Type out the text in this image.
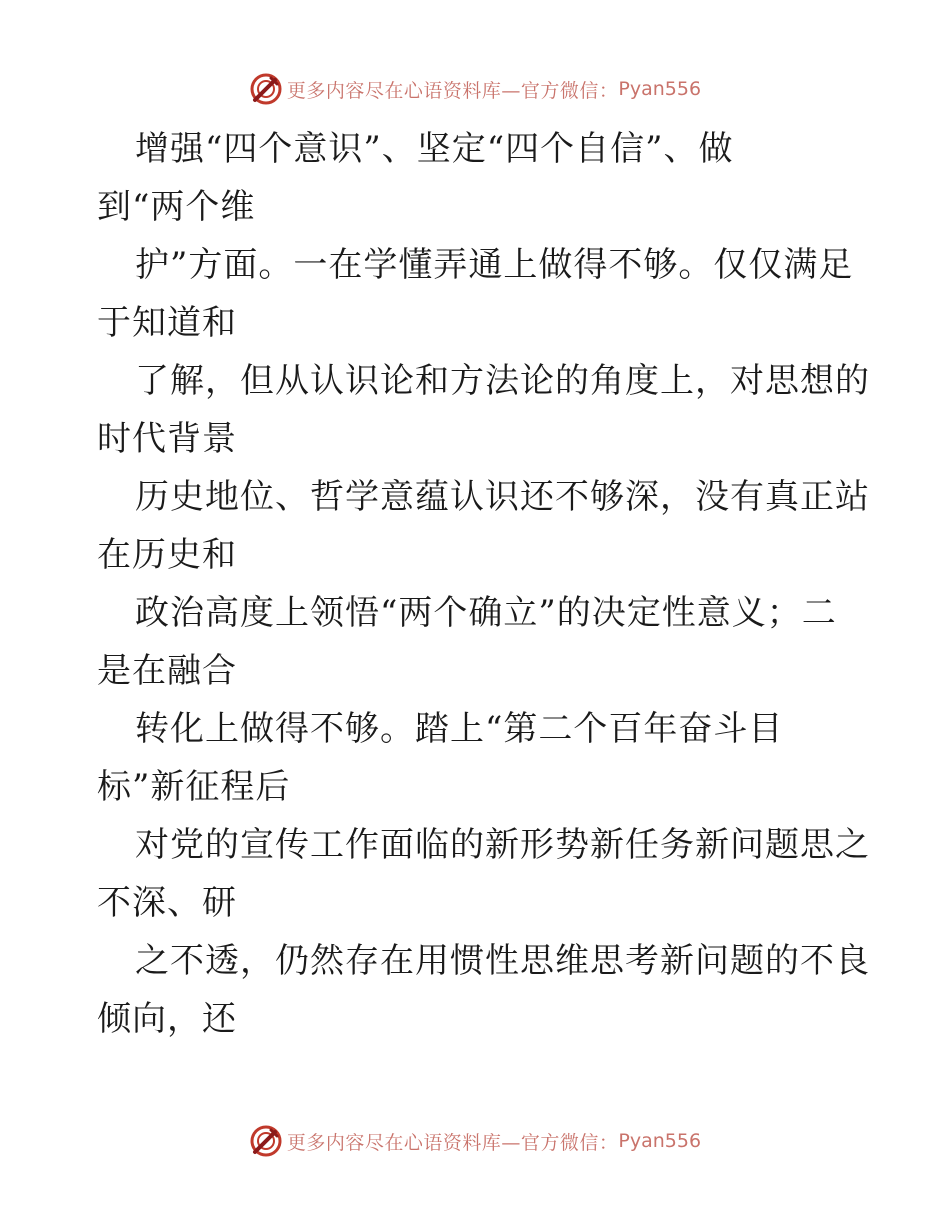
更多内容尽在心语资料库—官方微信： Pyan556
增强“四个意识”、坚定“四个自信”、做
到“两个维
护”方面。一在学懂弄通上做得不够。仅仅满足
于知道和
了解，但从认识论和方法论的角度上，对思想的
时代背景
历史地位、哲学意蕴认识还不够深，没有真正站
在历史和
政治高度上领悟“两个确立”的决定性意义；二
是在融合
转化上做得不够。踏上“第二个百年奋斗目
标”新征程后
对党的宣传工作面临的新形势新任务新问题思之
不深、研
之不透，仍然存在用惯性思维思考新问题的不良
倾向，还
更多内容尽在心语资料库—官方微信： Pyan556
